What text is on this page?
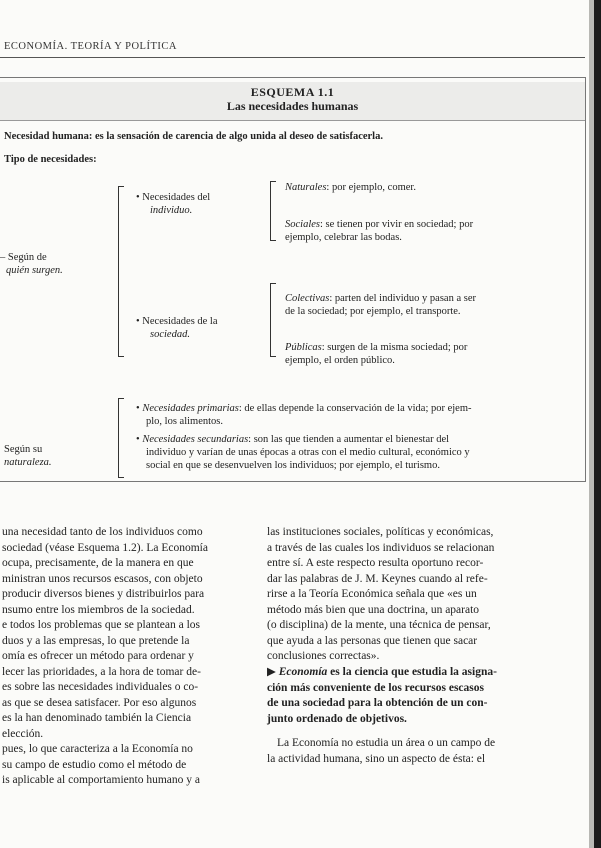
ECONOMÍA. TEORÍA Y POLÍTICA
ESQUEMA 1.1
Las necesidades humanas
Necesidad humana: es la sensación de carencia de algo unida al deseo de satisfacerla.
Tipo de necesidades:
– Según de
quién surgen.
• Necesidades del
individuo.
Naturales: por ejemplo, comer.
Sociales: se tienen por vivir en sociedad; por
ejemplo, celebrar las bodas.
• Necesidades de la
sociedad.
Colectivas: parten del individuo y pasan a ser
de la sociedad; por ejemplo, el transporte.
Públicas: surgen de la misma sociedad; por
ejemplo, el orden público.
Según su
naturaleza.
• Necesidades primarias: de ellas depende la conservación de la vida; por ejem-
plo, los alimentos.
• Necesidades secundarias: son las que tienden a aumentar el bienestar del
individuo y varían de unas épocas a otras con el medio cultural, económico y
social en que se desenvuelven los individuos; por ejemplo, el turismo.
una necesidad tanto de los individuos como
sociedad (véase Esquema 1.2). La Economía
ocupa, precisamente, de la manera en que
ministran unos recursos escasos, con objeto
producir diversos bienes y distribuirlos para
nsumo entre los miembros de la sociedad.
e todos los problemas que se plantean a los
duos y a las empresas, lo que pretende la
omía es ofrecer un método para ordenar y
lecer las prioridades, a la hora de tomar de-
es sobre las necesidades individuales o co-
as que se desea satisfacer. Por eso algunos
es la han denominado también la Ciencia
elección.
pues, lo que caracteriza a la Economía no
su campo de estudio como el método de
is aplicable al comportamiento humano y a
las instituciones sociales, políticas y económicas,
a través de las cuales los individuos se relacionan
entre sí. A este respecto resulta oportuno recor-
dar las palabras de J. M. Keynes cuando al refe-
rirse a la Teoría Económica señala que «es un
método más bien que una doctrina, un aparato
(o disciplina) de la mente, una técnica de pensar,
que ayuda a las personas que tienen que sacar
conclusiones correctas».
▶ Economía es la ciencia que estudia la asigna-
ción más conveniente de los recursos escasos
de una sociedad para la obtención de un con-
junto ordenado de objetivos.
La Economía no estudia un área o un campo de
la actividad humana, sino un aspecto de ésta: el
